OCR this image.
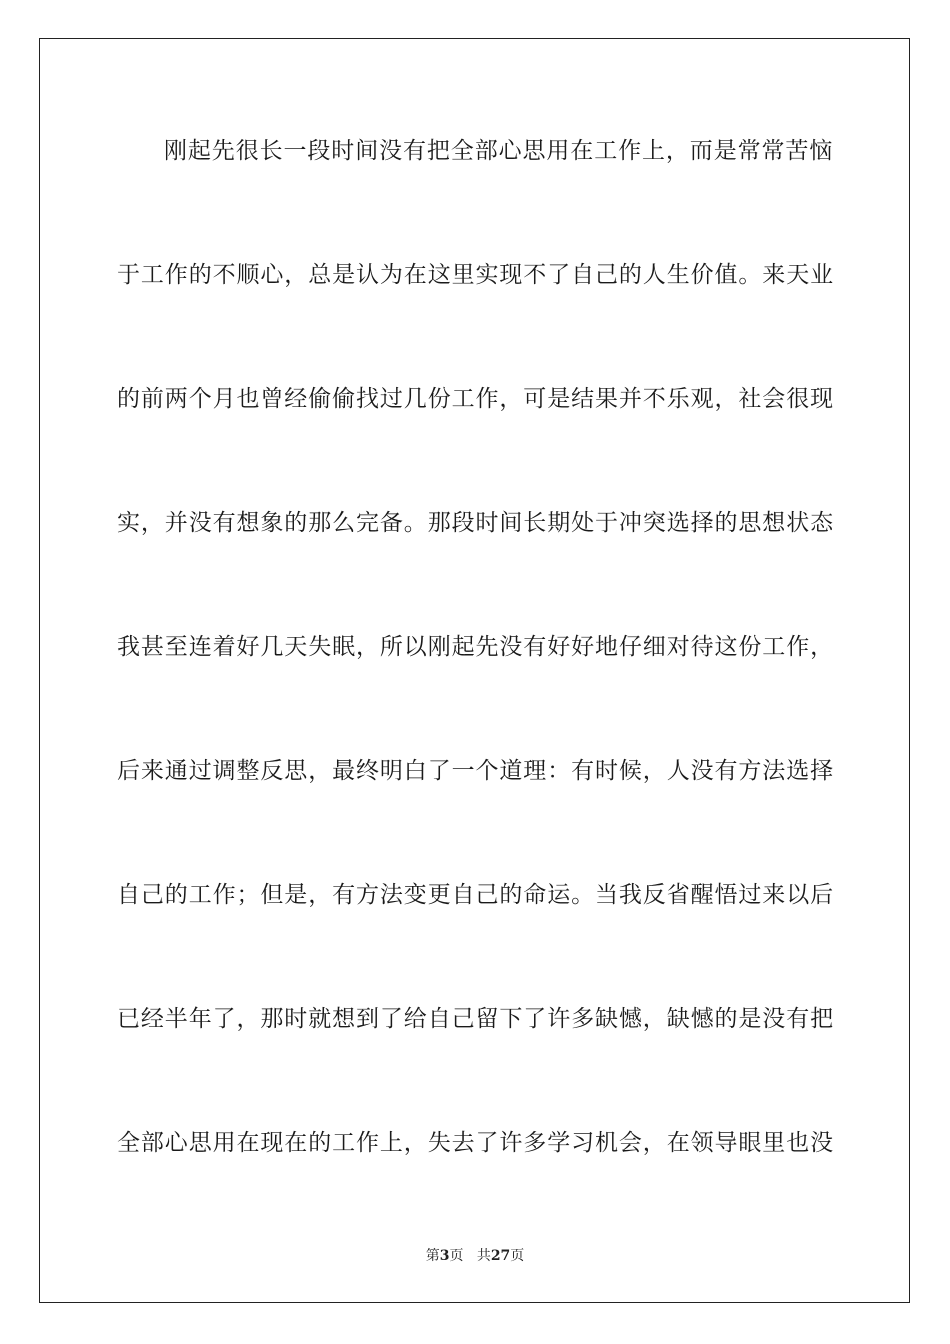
刚起先很长一段时间没有把全部心思用在工作上，而是常常苦恼
于工作的不顺心，总是认为在这里实现不了自己的人生价值。来天业
的前两个月也曾经偷偷找过几份工作，可是结果并不乐观，社会很现
实，并没有想象的那么完备。那段时间长期处于冲突选择的思想状态
我甚至连着好几天失眠，所以刚起先没有好好地仔细对待这份工作，
后来通过调整反思，最终明白了一个道理：有时候，人没有方法选择
自己的工作；但是，有方法变更自己的命运。当我反省醒悟过来以后
已经半年了，那时就想到了给自己留下了许多缺憾，缺憾的是没有把
全部心思用在现在的工作上，失去了许多学习机会，在领导眼里也没
第3页 共27页
